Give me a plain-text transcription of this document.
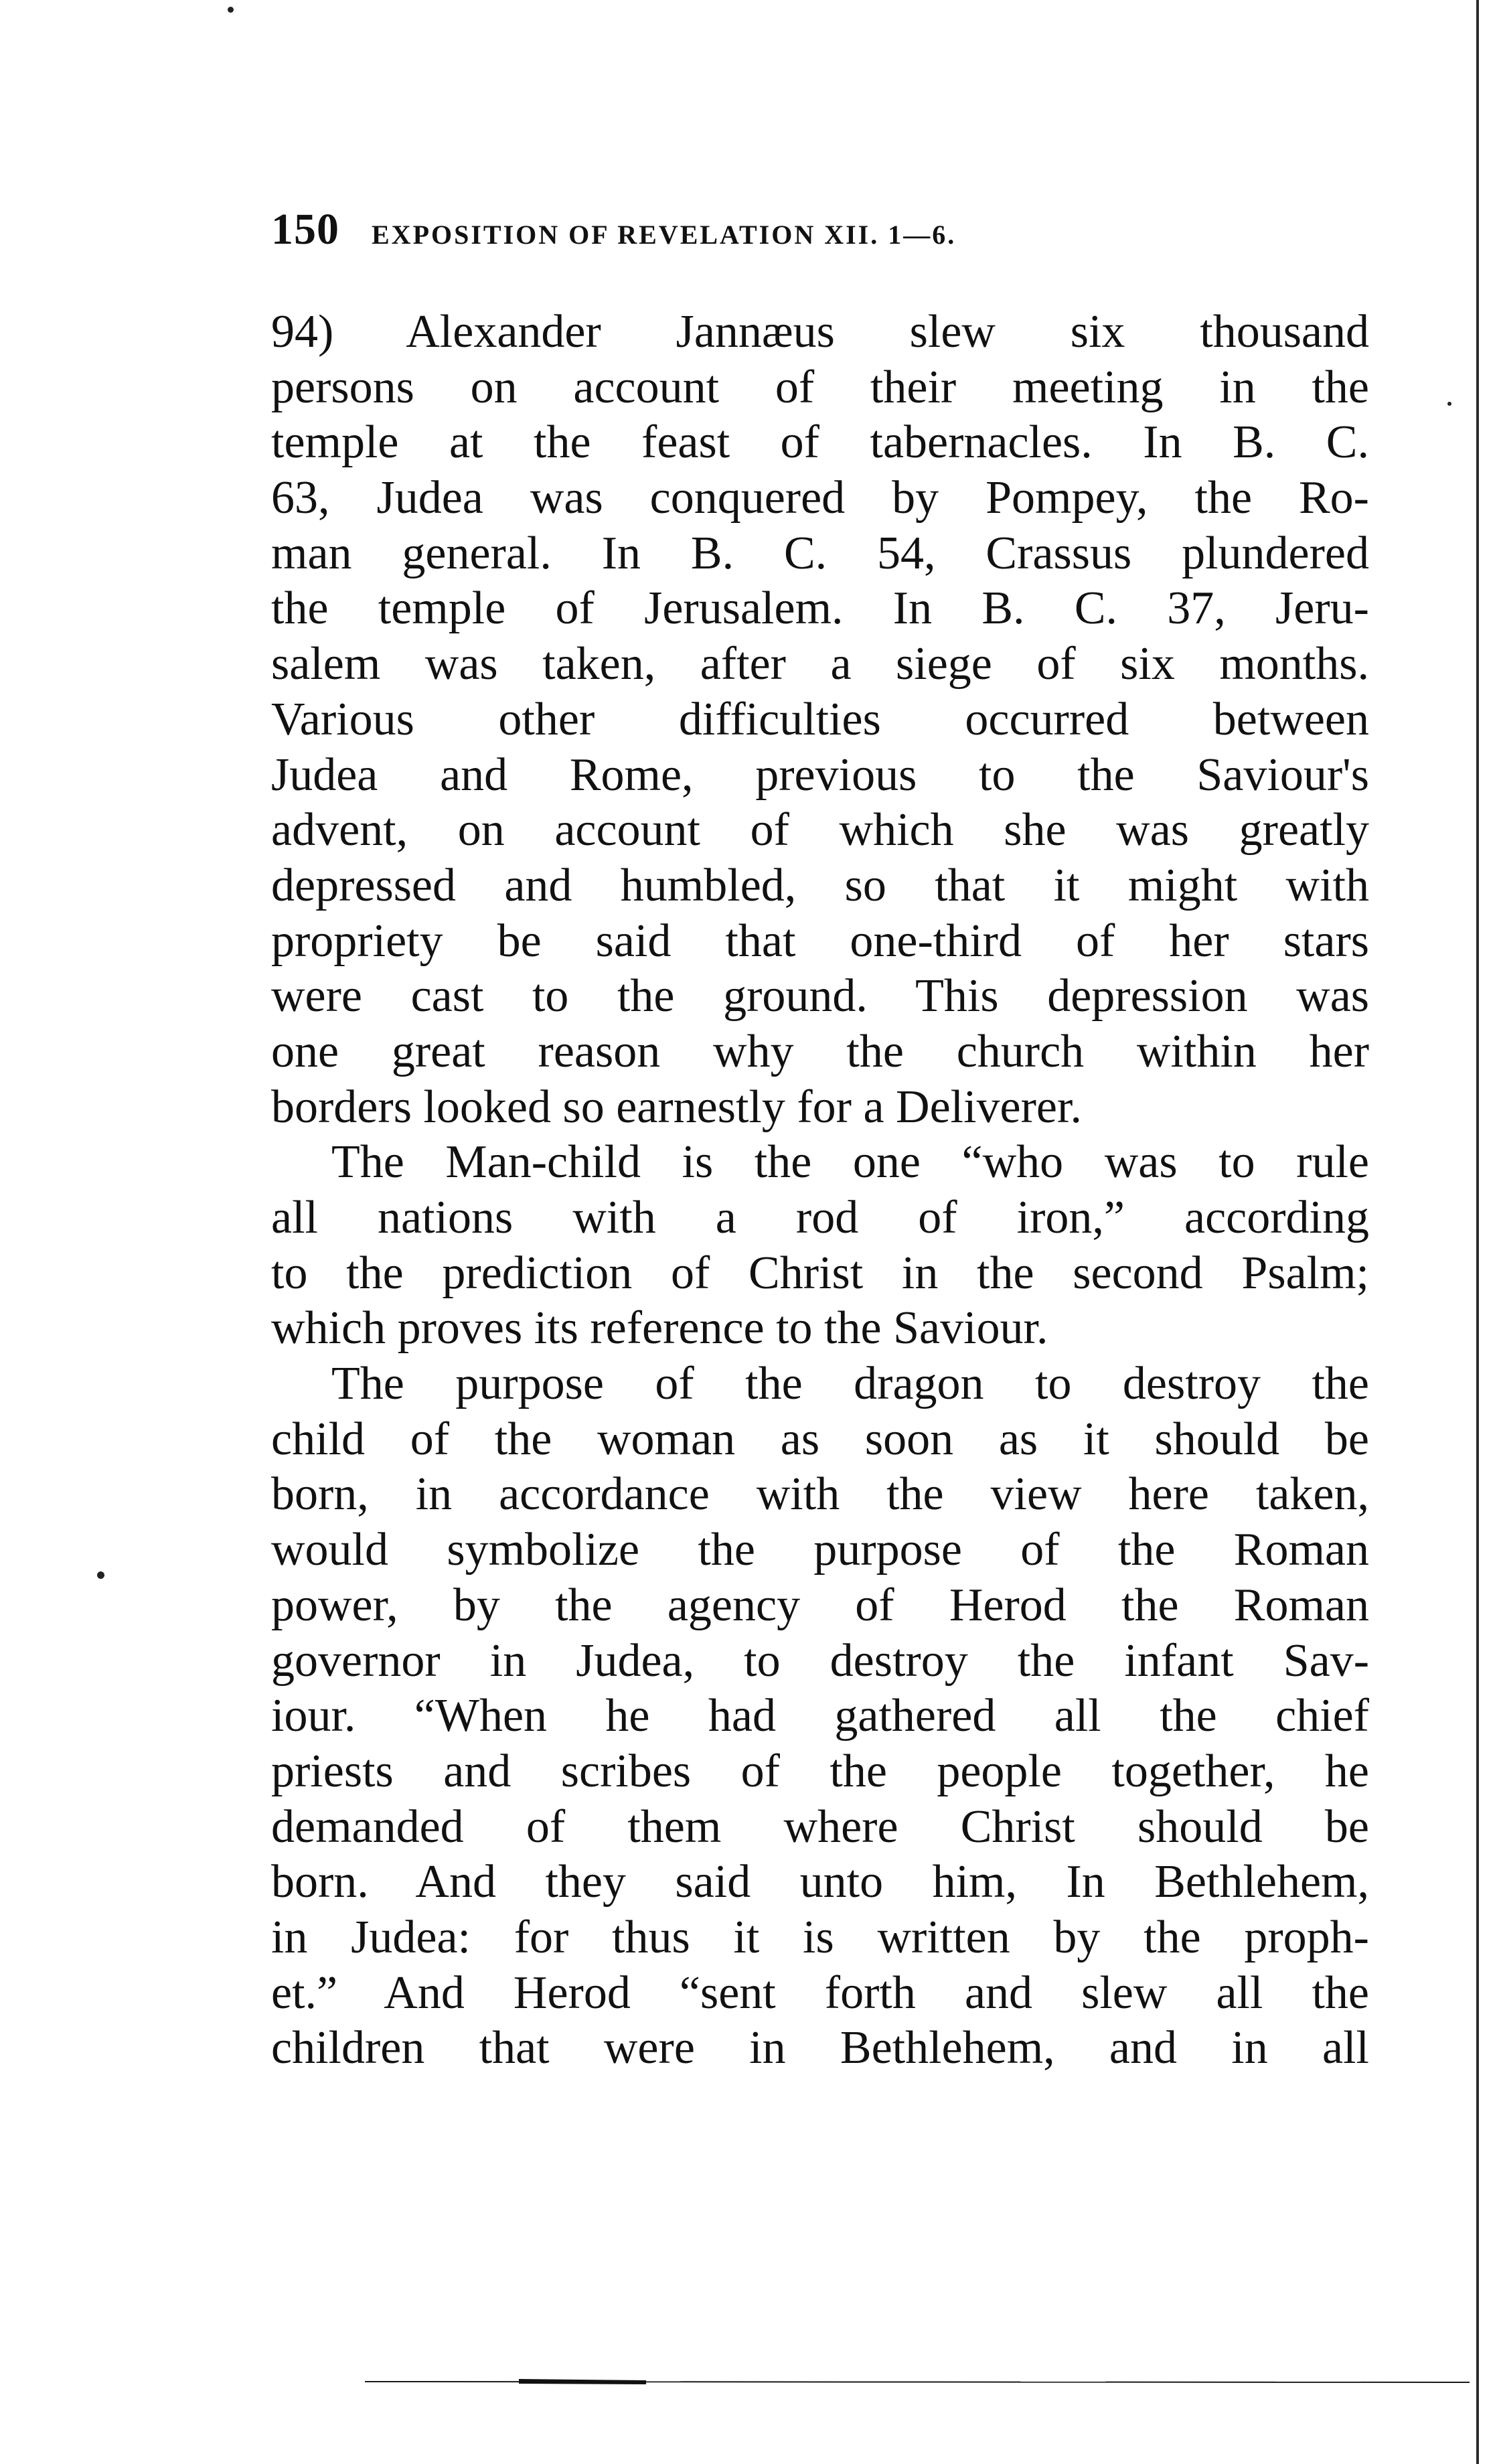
150 EXPOSITION OF REVELATION XII. 1—6.
94) Alexander Jannæus slew six thousand
persons on account of their meeting in the
temple at the feast of tabernacles. In B. C.
63, Judea was conquered by Pompey, the Ro-
man general. In B. C. 54, Crassus plundered
the temple of Jerusalem. In B. C. 37, Jeru-
salem was taken, after a siege of six months.
Various other difficulties occurred between
Judea and Rome, previous to the Saviour's
advent, on account of which she was greatly
depressed and humbled, so that it might with
propriety be said that one-third of her stars
were cast to the ground. This depression was
one great reason why the church within her
borders looked so earnestly for a Deliverer.
The Man-child is the one “who was to rule
all nations with a rod of iron,” according
to the prediction of Christ in the second Psalm;
which proves its reference to the Saviour.
The purpose of the dragon to destroy the
child of the woman as soon as it should be
born, in accordance with the view here taken,
would symbolize the purpose of the Roman
power, by the agency of Herod the Roman
governor in Judea, to destroy the infant Sav-
iour. “When he had gathered all the chief
priests and scribes of the people together, he
demanded of them where Christ should be
born. And they said unto him, In Bethlehem,
in Judea: for thus it is written by the proph-
et.” And Herod “sent forth and slew all the
children that were in Bethlehem, and in all
